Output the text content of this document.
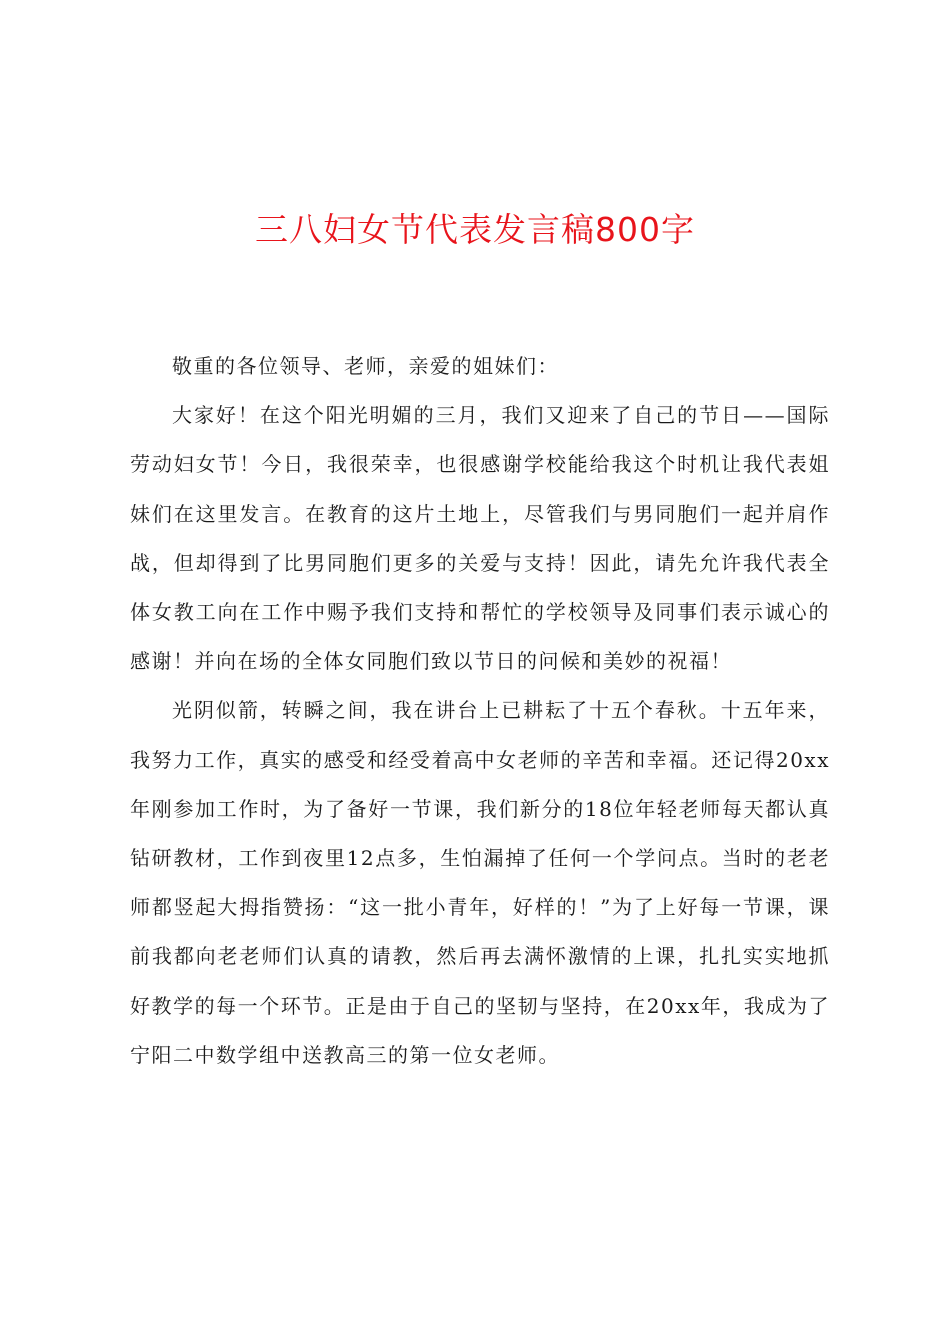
三八妇女节代表发言稿800字

敬重的各位领导、老师，亲爱的姐妹们：

大家好！在这个阳光明媚的三月，我们又迎来了自己的节日——国际劳动妇女节！今日，我很荣幸，也很感谢学校能给我这个时机让我代表姐妹们在这里发言。在教育的这片土地上，尽管我们与男同胞们一起并肩作战，但却得到了比男同胞们更多的关爱与支持！因此，请先允许我代表全体女教工向在工作中赐予我们支持和帮忙的学校领导及同事们表示诚心的感谢！并向在场的全体女同胞们致以节日的问候和美妙的祝福！

光阴似箭，转瞬之间，我在讲台上已耕耘了十五个春秋。十五年来，我努力工作，真实的感受和经受着高中女老师的辛苦和幸福。还记得20xx年刚参加工作时，为了备好一节课，我们新分的18位年轻老师每天都认真钻研教材，工作到夜里12点多，生怕漏掉了任何一个学问点。当时的老老师都竖起大拇指赞扬：“这一批小青年，好样的！”为了上好每一节课，课前我都向老老师们认真的请教，然后再去满怀激情的上课，扎扎实实地抓好教学的每一个环节。正是由于自己的坚韧与坚持，在20xx年，我成为了宁阳二中数学组中送教高三的第一位女老师。
